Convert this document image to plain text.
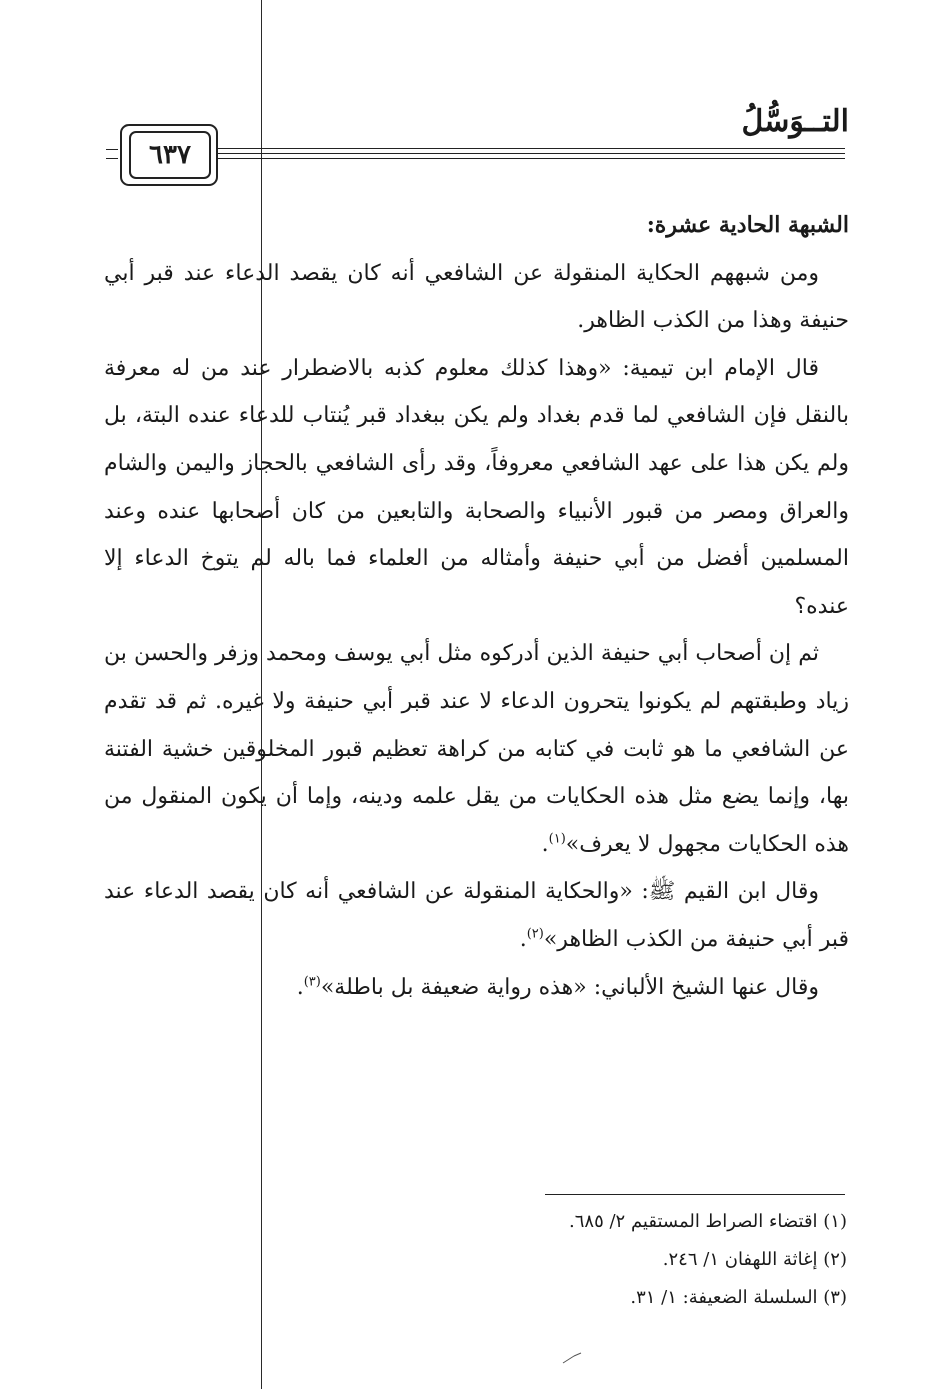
التــوَسُّلُ
٦٣٧

الشبهة الحادية عشرة:

ومن شبههم الحكاية المنقولة عن الشافعي أنه كان يقصد الدعاء عند قبر أبي حنيفة وهذا من الكذب الظاهر.

قال الإمام ابن تيمية: «وهذا كذلك معلوم كذبه بالاضطرار عند من له معرفة بالنقل فإن الشافعي لما قدم بغداد ولم يكن ببغداد قبر يُنتاب للدعاء عنده البتة، بل ولم يكن هذا على عهد الشافعي معروفاً، وقد رأى الشافعي بالحجاز واليمن والشام والعراق ومصر من قبور الأنبياء والصحابة والتابعين من كان أصحابها عنده وعند المسلمين أفضل من أبي حنيفة وأمثاله من العلماء فما باله لم يتوخ الدعاء إلا عنده؟

ثم إن أصحاب أبي حنيفة الذين أدركوه مثل أبي يوسف ومحمد وزفر والحسن بن زياد وطبقتهم لم يكونوا يتحرون الدعاء لا عند قبر أبي حنيفة ولا غيره. ثم قد تقدم عن الشافعي ما هو ثابت في كتابه من كراهة تعظيم قبور المخلوقين خشية الفتنة بها، وإنما يضع مثل هذه الحكايات من يقل علمه ودينه، وإما أن يكون المنقول من هذه الحكايات مجهول لا يعرف»$^{(١)}$.

وقال ابن القيم ﷺ: «والحكاية المنقولة عن الشافعي أنه كان يقصد الدعاء عند قبر أبي حنيفة من الكذب الظاهر»$^{(٢)}$.

وقال عنها الشيخ الألباني: «هذه رواية ضعيفة بل باطلة»$^{(٣)}$.

(١) اقتضاء الصراط المستقيم ٢/ ٦٨٥.

(٢) إغاثة اللهفان ١/ ٢٤٦.

(٣) السلسلة الضعيفة: ١/ ٣١.
